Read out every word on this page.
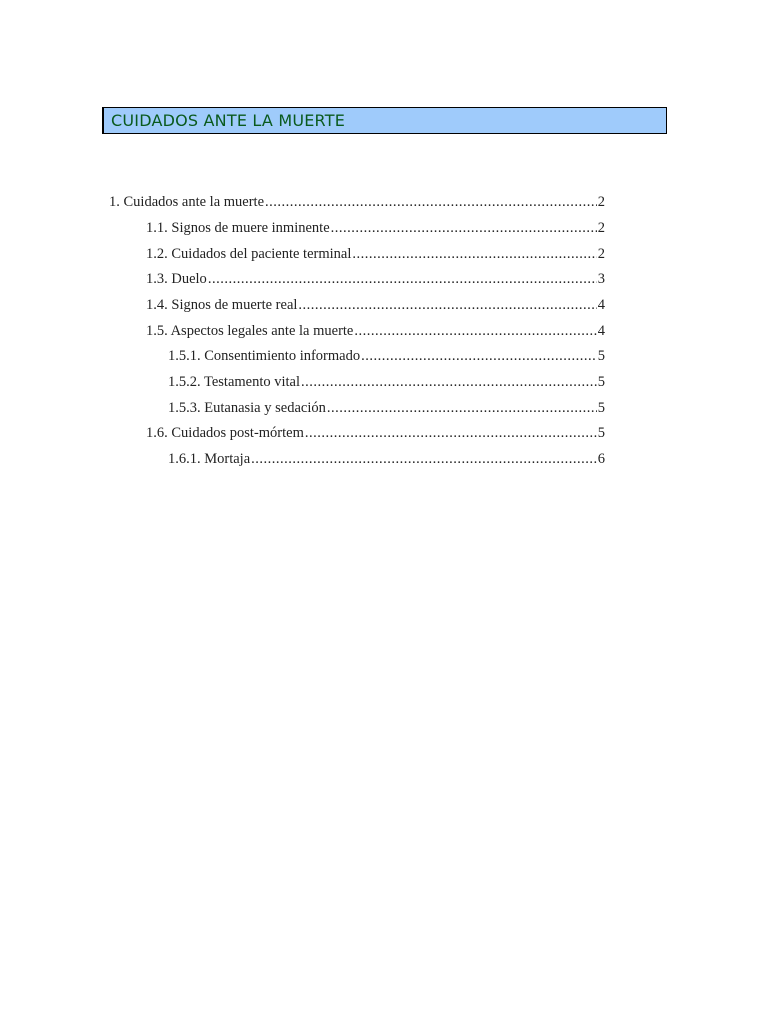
CUIDADOS ANTE LA MUERTE
1. Cuidados ante la muerte .....	2
1.1. Signos de muere inminente .....	2
1.2. Cuidados del paciente terminal .....	2
1.3. Duelo .....	3
1.4. Signos de muerte real .....	4
1.5. Aspectos legales ante la muerte .....	4
1.5.1. Consentimiento informado .....	5
1.5.2. Testamento vital .....	5
1.5.3. Eutanasia y sedación .....	5
1.6. Cuidados post-mórtem .....	5
1.6.1. Mortaja .....	6
